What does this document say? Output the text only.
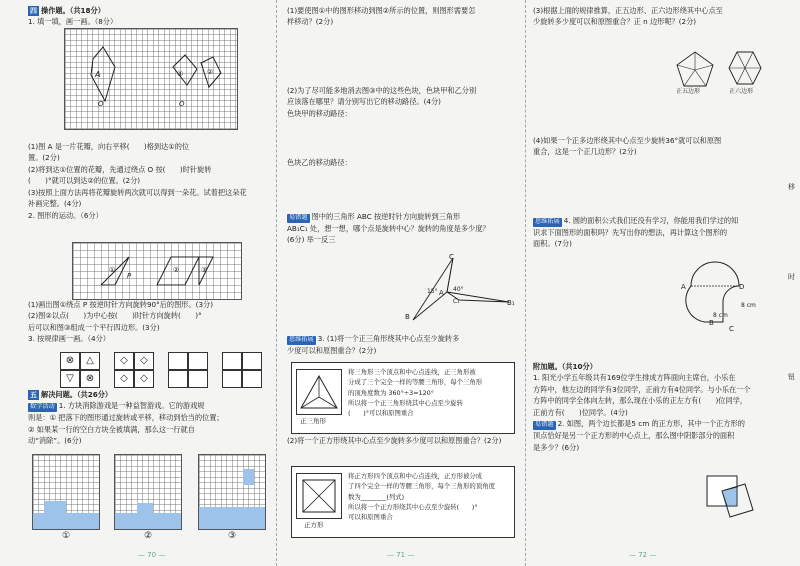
四 操作题。（共18分）
1. 填一填，画一画。（8分）
A
O	O
①	②
(1)图 A 是一片花瓣，向右平移(　　)格到达①的位
置。(2分)
(2)将到达①位置的花瓣，先通过绕点 O 按(　　)时针旋转
(　　)°就可以到达②的位置。(2分)
(3)按照上面方法再将花瓣旋转两次就可以得到一朵花。试着把这朵花
补画完整。(4分)
2. 图形的运动。（6分）
P
①	②	③
(1)画出图①绕点 P 按逆时针方向旋转90°后的图形。(3分)
(2)图②以点(　　)为中心按(　　)时针方向旋转(　　)°
后可以和图③组成一个平行四边形。(3分)
3. 按规律画一画。（4分）
⊗	△
▽	⊗
◇	◇
◇	◇
五 解决问题。（共26分）
数学活动 1. 方块消除游戏是一种益智游戏。它的游戏规
则是：① 把落下的图形通过旋转或平移，移动到恰当的位置；
② 如果某一行的空白方块全被填满，那么这一行就自
动“消除”。(6分)
①	②	③
— 70 —
(1)要使图①中的图形移动到图②所示的位置，则图形需要怎
样移动？(2分)
(2)为了尽可能多地消去图③中的这些色块，色块甲和乙分别
应该落在哪里？请分别写出它的移动路径。(4分)
色块甲的移动路径：
色块乙的移动路径：
易错题 图中的三角形 ABC 按逆时针方向旋转到三角形
AB₁C₁ 处，想一想，哪个点是旋转中心？旋转的角度是多少度？
(6分) 举一反三
C
A
B
C₁	B₁
15°	40°
思维拓展 3. (1)将一个正三角形绕其中心点至少旋转多
少度可以和原图重合？(2分)
正三角形
将三角形三个顶点和中心点连线，正三角形被
分成了三个完全一样的等腰三角形，每个三角形
的顶角度数为 360°÷3=120°
所以将一个正三角形绕其中心点至少旋转
(　　)°可以和原图重合
(2)将一个正方形绕其中心点至少旋转多少度可以和原图重合？(2分)
正方形
将正方形四个顶点和中心点连线，正方形被分成
了四个完全一样的等腰三角形，每个三角形的顶角度
数为________(列式)
所以将一个正方形绕其中心点至少旋转(　　)°
可以和原图重合
— 71 —
(3)根据上面的规律推算，正五边形、正六边形绕其中心点至
少旋转多少度可以和原图重合？正 n 边形呢？(2分)
正五边形	正六边形
(4)如果一个正多边形绕其中心点至少旋转36°就可以和原图
重合，这是一个正几边形？(2分)
思维拓展 4. 圆的面积公式我们还没有学习，你能用我们学过的知
识求下面图形的面积吗？先写出你的想法，再计算这个图形的
面积。(7分)
A	D
B
C
8 cm
8 cm
附加题。（共10分）
1. 阳光小学五年级共有169位学生排成方阵面向主席台，小乐在
方阵中，他左边的同学有3位同学，正前方有4位同学。与小乐在一个
方阵中的同学全体向左转，那么现在小乐的正左方有(　　)位同学，
正前方有(　　)位同学。(4分)
易错题 2. 如图，两个边长都是5 cm 的正方形，其中一个正方形的
顶点恰好是另一个正方形的中心点上，那么图中阴影部分的面积
是多少？(6分)
— 72 —
移
时
钮
